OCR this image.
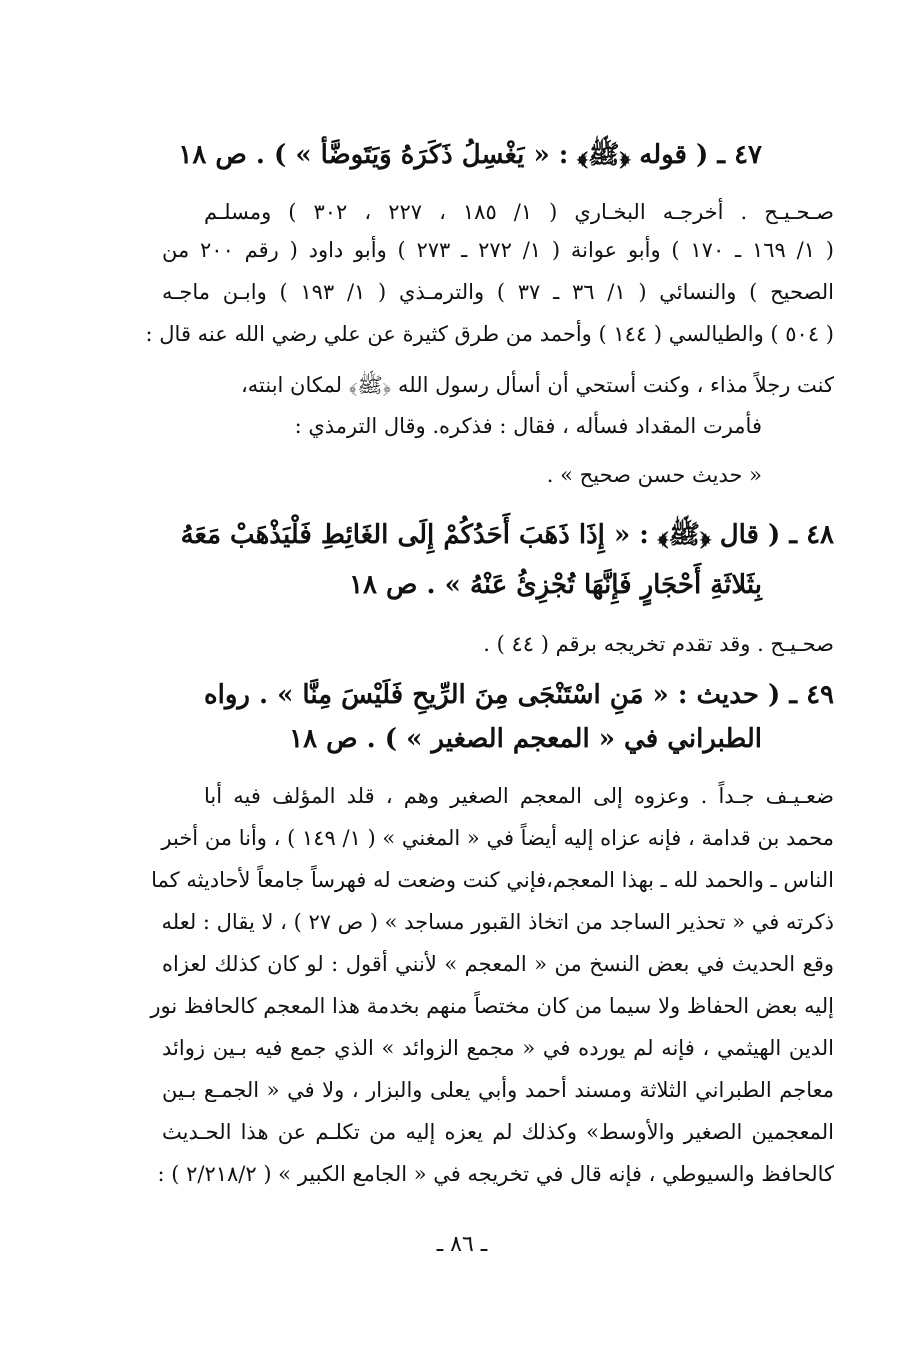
٤٧ ـ ( قوله ﴿ﷺ﴾ : « يَغْسِلُ ذَكَرَهُ وَيَتَوضَّأ » ) . ص ١٨
صـحـيـح . أخرجـه البخـاري ( ١/ ١٨٥ ، ٢٢٧ ، ٣٠٢ ) ومسلـم
( ١/ ١٦٩ ـ ١٧٠ ) وأبو عوانة ( ١/ ٢٧٢ ـ ٢٧٣ ) وأبو داود ( رقم ٢٠٠ من
الصحيح ) والنسائي ( ١/ ٣٦ ـ ٣٧ ) والترمـذي ( ١/ ١٩٣ ) وابـن ماجـه
( ٥٠٤ ) والطيالسي ( ١٤٤ ) وأحمد من طرق كثيرة عن علي رضي الله عنه قال :
كنت رجلاً مذاء ، وكنت أستحي أن أسأل رسول الله ﴿ﷺ﴾ لمكان ابنته،
فأمرت المقداد فسأله ، فقال : فذكره. وقال الترمذي :
« حديث حسن صحيح » .
٤٨ ـ ( قال ﴿ﷺ﴾ : « إِذَا ذَهَبَ أَحَدُكُمْ إِلَى الغَائِطِ فَلْيَذْهَبْ مَعَهُ
بِثَلاثَةِ أَحْجَارٍ فَإِنَّهَا تُجْزِئُ عَنْهُ » . ص ١٨
صحـيـح . وقد تقدم تخريجه برقم ( ٤٤ ) .
٤٩ ـ ( حديث : « مَنِ اسْتَنْجَى مِنَ الرِّيحِ فَلَيْسَ مِنَّا » . رواه
الطبراني في « المعجم الصغير » ) . ص ١٨
ضعـيـف جـداً . وعزوه إلى المعجم الصغير وهم ، قلد المؤلف فيه أبا
محمد بن قدامة ، فإنه عزاه إليه أيضاً في « المغني » ( ١/ ١٤٩ ) ، وأنا من أخبر
الناس ـ والحمد لله ـ بهذا المعجم،فإني كنت وضعت له فهرساً جامعاً لأحاديثه كما
ذكرته في « تحذير الساجد من اتخاذ القبور مساجد » ( ص ٢٧ ) ، لا يقال : لعله
وقع الحديث في بعض النسخ من « المعجم » لأنني أقول : لو كان كذلك لعزاه
إليه بعض الحفاظ ولا سيما من كان مختصاً منهم بخدمة هذا المعجم كالحافظ نور
الدين الهيثمي ، فإنه لم يورده في « مجمع الزوائد » الذي جمع فيه بـين زوائد
معاجم الطبراني الثلاثة ومسند أحمد وأبي يعلى والبزار ، ولا في « الجمـع بـين
المعجمين الصغير والأوسط» وكذلك لم يعزه إليه من تكلـم عن هذا الحـديث
كالحافظ والسيوطي ، فإنه قال في تخريجه في « الجامع الكبير » ( ٢/٢١٨/٢ ) :
ـ ٨٦ ـ
